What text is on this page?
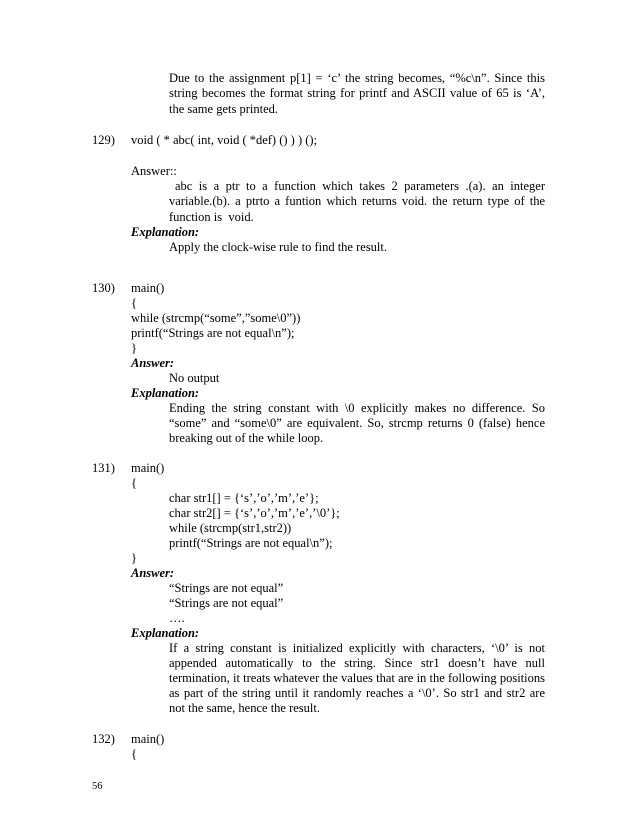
Due to the assignment p[1] = ‘c’ the string becomes, “%c\n”. Since this
string becomes the format string for printf and ASCII value of 65 is ‘A’,
the same gets printed.
129) void ( * abc( int, void ( *def) () ) ) ();
Answer::
abc is a ptr to a function which takes 2 parameters .(a). an integer
variable.(b). a ptrto a funtion which returns void. the return type of the
function is  void.
Explanation:
Apply the clock-wise rule to find the result.
130) main()
{
while (strcmp(“some”,”some\0”))
printf(“Strings are not equal\n”);
}
Answer:
No output
Explanation:
Ending the string constant with \0 explicitly makes no difference. So
“some” and “some\0” are equivalent. So, strcmp returns 0 (false) hence
breaking out of the while loop.
131) main()
{
char str1[] = {‘s’,’o’,’m’,’e’};
char str2[] = {‘s’,’o’,’m’,’e’,’\0’};
while (strcmp(str1,str2))
printf(“Strings are not equal\n”);
}
Answer:
“Strings are not equal”
“Strings are not equal”
….
Explanation:
If a string constant is initialized explicitly with characters, ‘\0’ is not
appended automatically to the string. Since str1 doesn’t have null
termination, it treats whatever the values that are in the following positions
as part of the string until it randomly reaches a ‘\0’. So str1 and str2 are
not the same, hence the result.
132) main()
{
56
